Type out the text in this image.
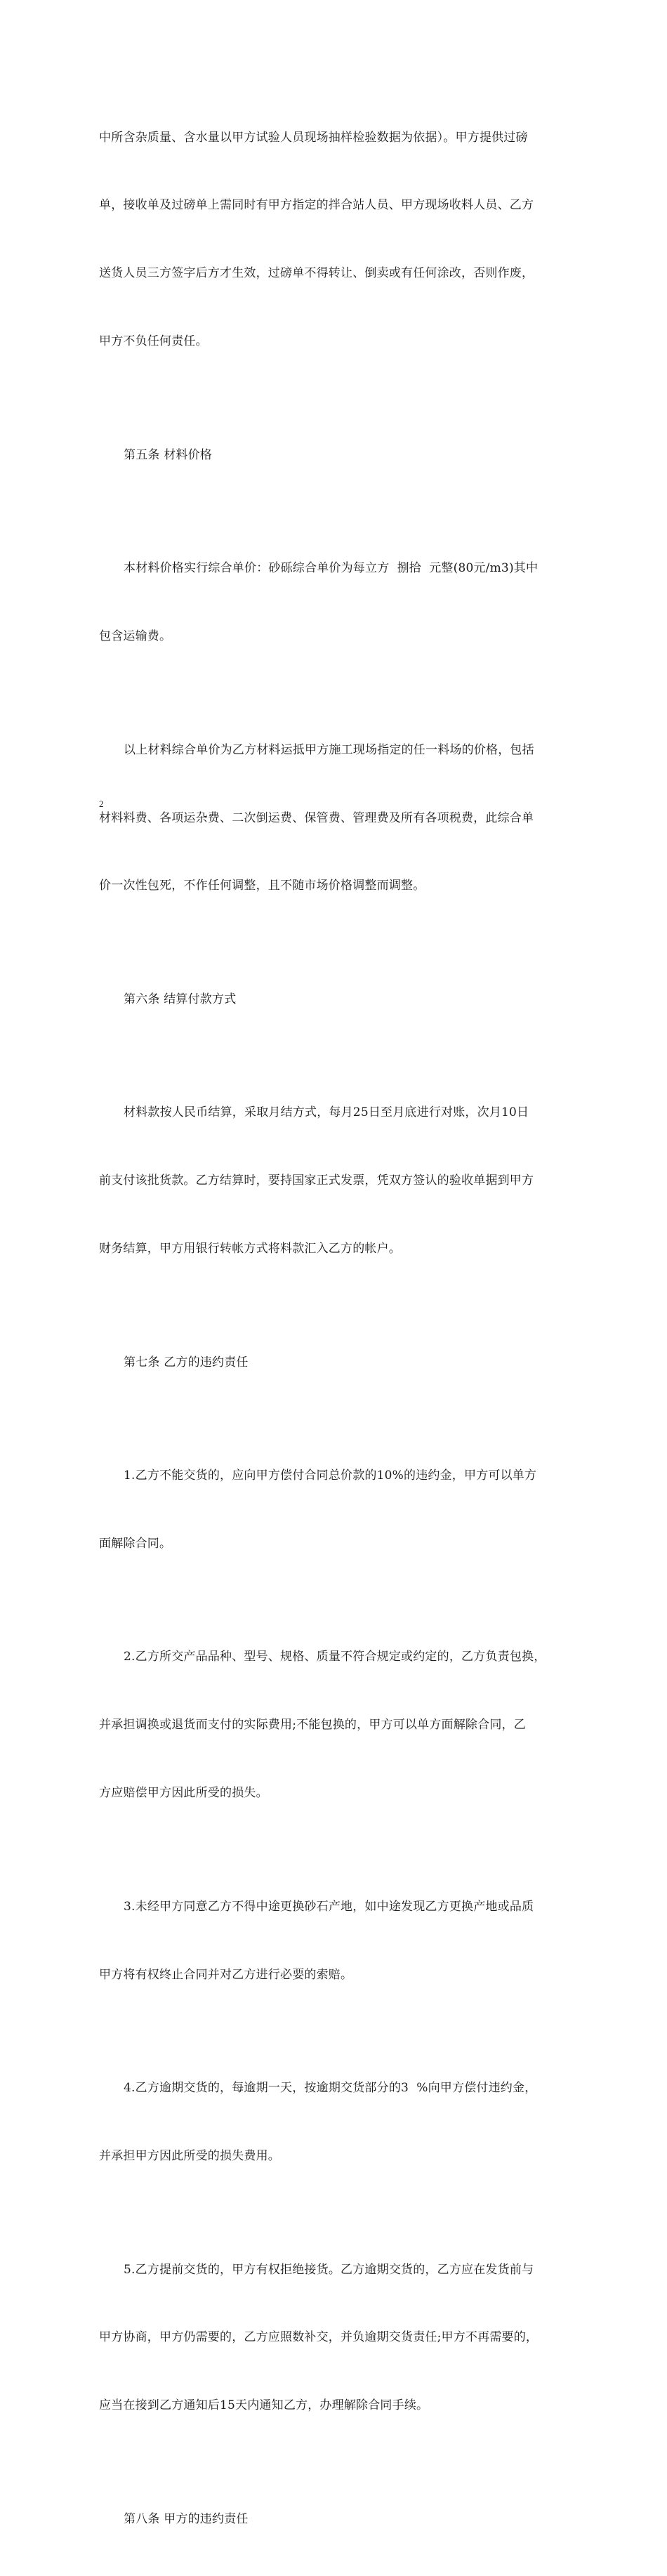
中所含杂质量、含水量以甲方试验人员现场抽样检验数据为依据）。甲方提供过磅

单，接收单及过磅单上需同时有甲方指定的拌合站人员、甲方现场收料人员、乙方

送货人员三方签字后方才生效，过磅单不得转让、倒卖或有任何涂改，否则作废，

甲方不负任何责任。

第五条 材料价格

本材料价格实行综合单价：砂砾综合单价为每立方  捌拾  元整(80元/m3)其中

包含运输费。

以上材料综合单价为乙方材料运抵甲方施工现场指定的任一料场的价格，包括

材料料费、各项运杂费、二次倒运费、保管费、管理费及所有各项税费，此综合单

价一次性包死，不作任何调整，且不随市场价格调整而调整。

第六条 结算付款方式

材料款按人民币结算，采取月结方式，每月25日至月底进行对账，次月10日

前支付该批货款。乙方结算时，要持国家正式发票，凭双方签认的验收单据到甲方

财务结算，甲方用银行转帐方式将料款汇入乙方的帐户。

第七条 乙方的违约责任

1.乙方不能交货的，应向甲方偿付合同总价款的10%的违约金，甲方可以单方

面解除合同。

2.乙方所交产品品种、型号、规格、质量不符合规定或约定的，乙方负责包换，

并承担调换或退货而支付的实际费用;不能包换的，甲方可以单方面解除合同，乙

方应赔偿甲方因此所受的损失。

3.未经甲方同意乙方不得中途更换砂石产地，如中途发现乙方更换产地或品质

甲方将有权终止合同并对乙方进行必要的索赔。

4.乙方逾期交货的，每逾期一天，按逾期交货部分的3  %向甲方偿付违约金，

并承担甲方因此所受的损失费用。

5.乙方提前交货的，甲方有权拒绝接货。乙方逾期交货的，乙方应在发货前与

甲方协商，甲方仍需要的，乙方应照数补交，并负逾期交货责任;甲方不再需要的，

应当在接到乙方通知后15天内通知乙方，办理解除合同手续。

第八条 甲方的违约责任

2
